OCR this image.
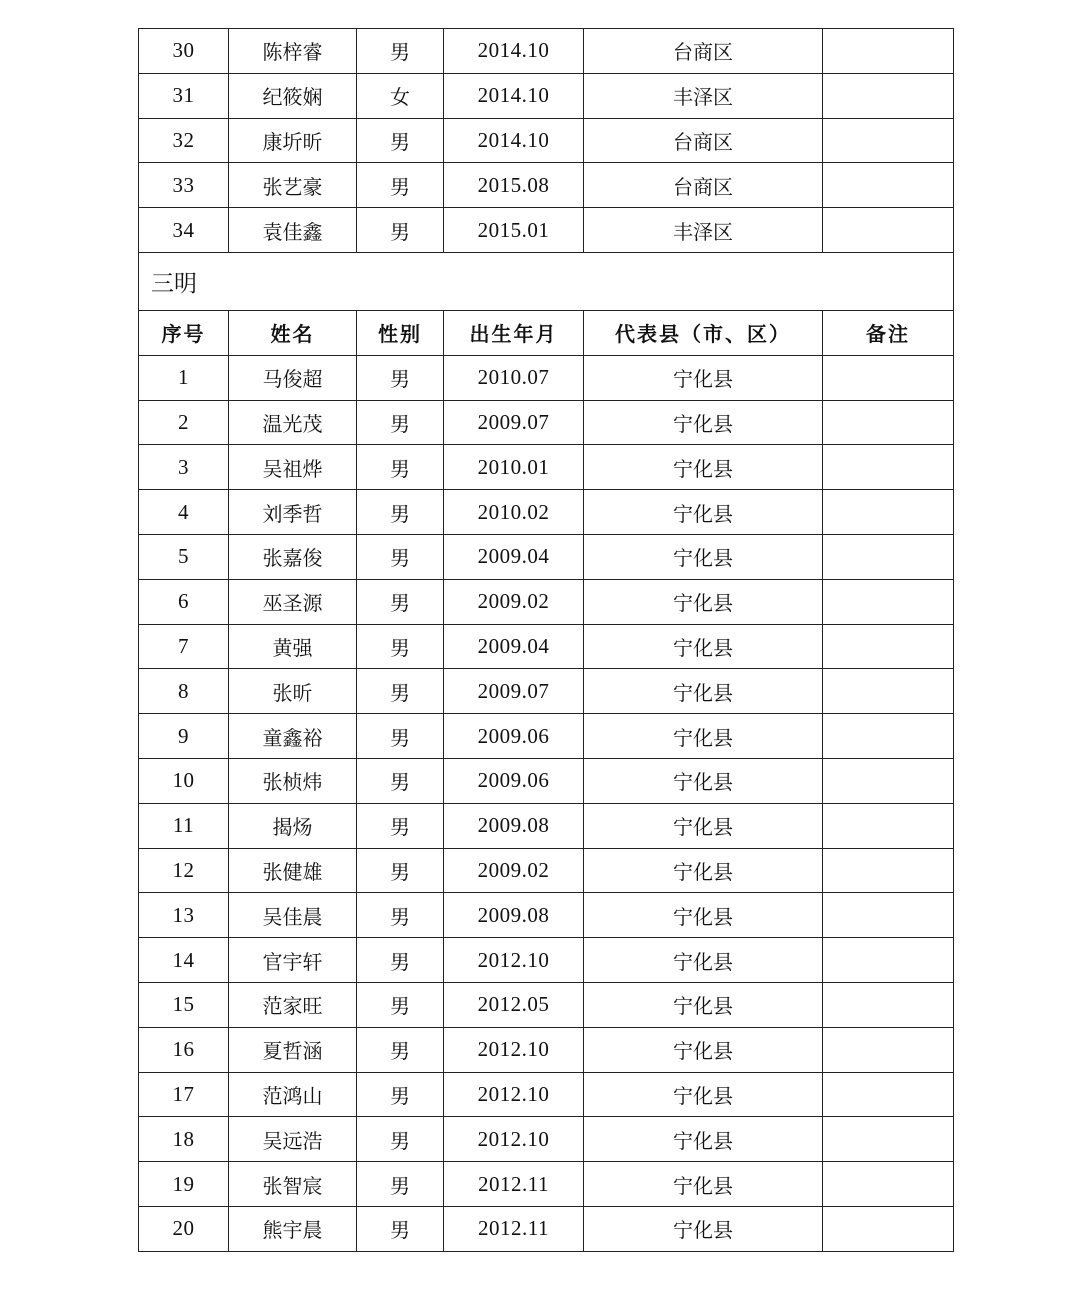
30	陈梓睿	男	2014.10	台商区	
31	纪筱娴	女	2014.10	丰泽区	
32	康圻昕	男	2014.10	台商区	
33	张艺豪	男	2015.08	台商区	
34	袁佳鑫	男	2015.01	丰泽区	
三明					
序号	姓名	性别	出生年月	代表县（市、区）	备注
1	马俊超	男	2010.07	宁化县	
2	温光茂	男	2009.07	宁化县	
3	吴祖烨	男	2010.01	宁化县	
4	刘季哲	男	2010.02	宁化县	
5	张嘉俊	男	2009.04	宁化县	
6	巫圣源	男	2009.02	宁化县	
7	黄强	男	2009.04	宁化县	
8	张昕	男	2009.07	宁化县	
9	童鑫裕	男	2009.06	宁化县	
10	张桢炜	男	2009.06	宁化县	
11	揭炀	男	2009.08	宁化县	
12	张健雄	男	2009.02	宁化县	
13	吴佳晨	男	2009.08	宁化县	
14	官宇轩	男	2012.10	宁化县	
15	范家旺	男	2012.05	宁化县	
16	夏哲涵	男	2012.10	宁化县	
17	范鸿山	男	2012.10	宁化县	
18	吴远浩	男	2012.10	宁化县	
19	张智宸	男	2012.11	宁化县	
20	熊宇晨	男	2012.11	宁化县	
